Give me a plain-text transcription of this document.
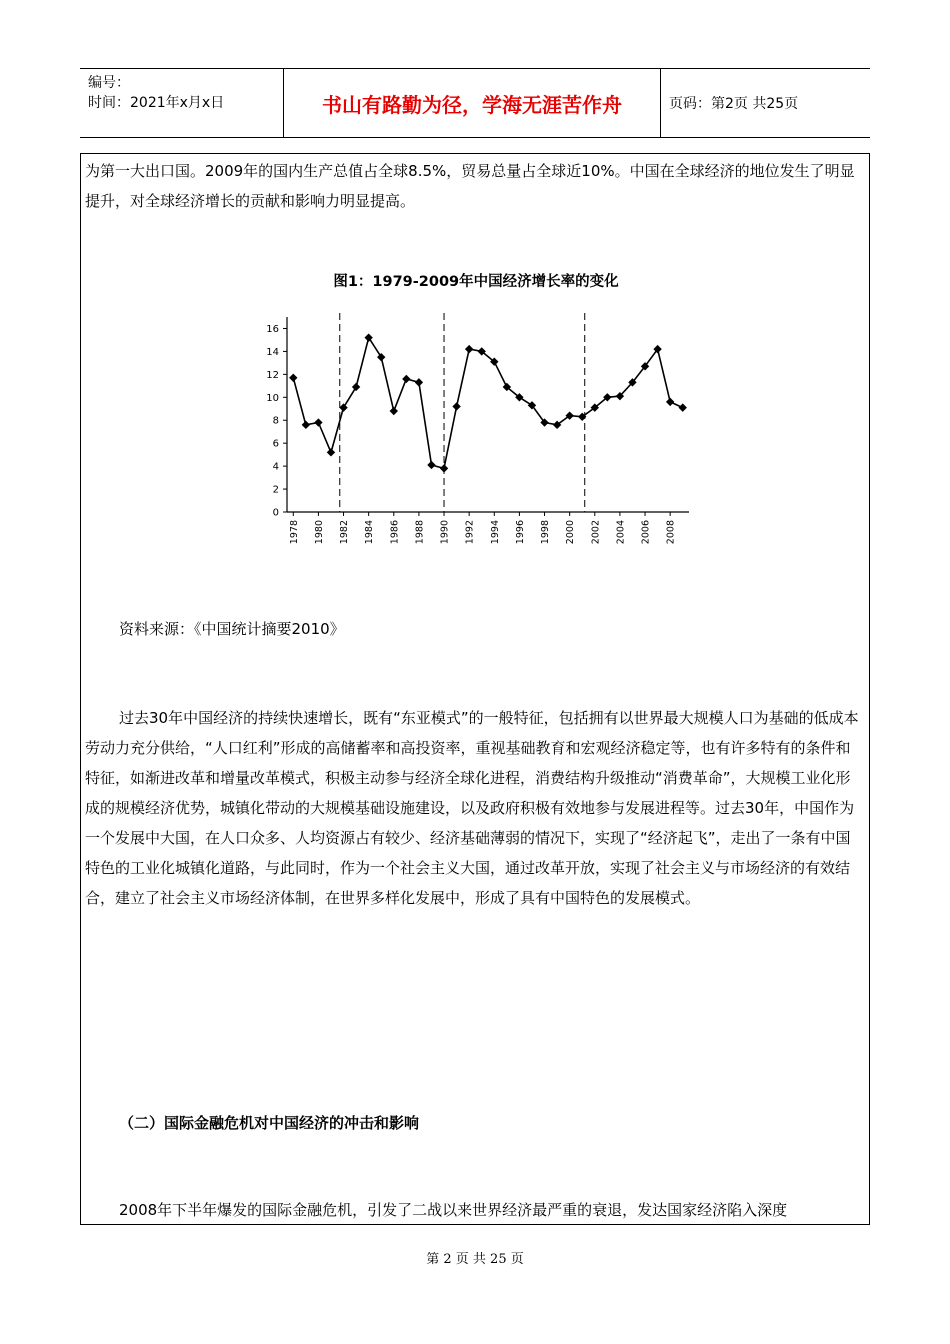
编号：
时间：2021年x月x日	书山有路勤为径，学海无涯苦作舟	页码：第2页 共25页

为第一大出口国。2009年的国内生产总值占全球8.5%，贸易总量占全球近10%。中国在全球经济的地位发生了明显提升，对全球经济增长的贡献和影响力明显提高。

图1：1979-2009年中国经济增长率的变化
0
2
4
6
8
10
12
14
16
1978 1980 1982 1984 1986 1988 1990 1992 1994 1996 1998 2000 2002 2004 2006 2008

资料来源：《中国统计摘要2010》

过去30年中国经济的持续快速增长，既有“东亚模式”的一般特征，包括拥有以世界最大规模人口为基础的低成本劳动力充分供给，“人口红利”形成的高储蓄率和高投资率，重视基础教育和宏观经济稳定等，也有许多特有的条件和特征，如渐进改革和增量改革模式，积极主动参与经济全球化进程，消费结构升级推动“消费革命”，大规模工业化形成的规模经济优势，城镇化带动的大规模基础设施建设，以及政府积极有效地参与发展进程等。过去30年，中国作为一个发展中大国，在人口众多、人均资源占有较少、经济基础薄弱的情况下，实现了“经济起飞”，走出了一条有中国特色的工业化城镇化道路，与此同时，作为一个社会主义大国，通过改革开放，实现了社会主义与市场经济的有效结合，建立了社会主义市场经济体制，在世界多样化发展中，形成了具有中国特色的发展模式。

（二）国际金融危机对中国经济的冲击和影响

2008年下半年爆发的国际金融危机，引发了二战以来世界经济最严重的衰退，发达国家经济陷入深度

第 2 页 共 25 页
